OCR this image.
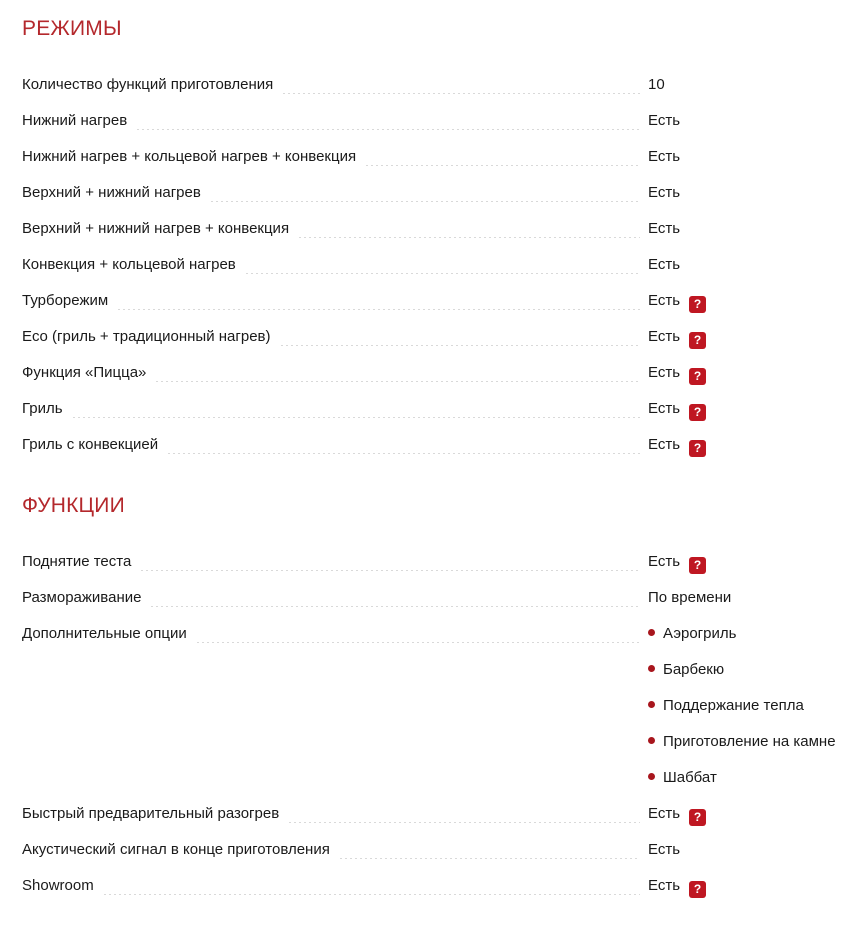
РЕЖИМЫ
Количество функций приготовления	10
Нижний нагрев	Есть
Нижний нагрев + кольцевой нагрев + конвекция	Есть
Верхний + нижний нагрев	Есть
Верхний + нижний нагрев + конвекция	Есть
Конвекция + кольцевой нагрев	Есть
Турборежим	Есть ?
Eco (гриль + традиционный нагрев)	Есть ?
Функция «Пицца»	Есть ?
Гриль	Есть ?
Гриль с конвекцией	Есть ?
ФУНКЦИИ
Поднятие теста	Есть ?
Размораживание	По времени
Дополнительные опции	Аэрогриль
Барбекю
Поддержание тепла
Приготовление на камне
Шаббат
Быстрый предварительный разогрев	Есть ?
Акустический сигнал в конце приготовления	Есть
Showroom	Есть ?
